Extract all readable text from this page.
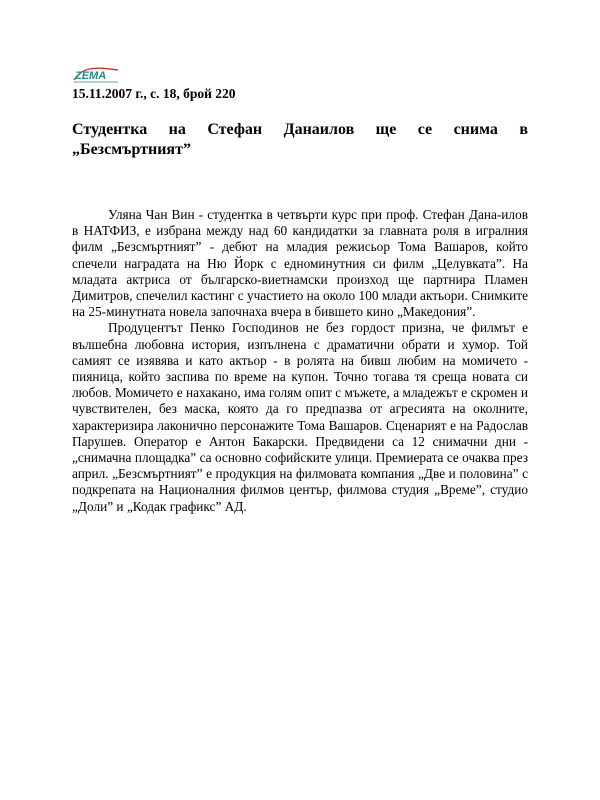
ZEMA
15.11.2007 г., с. 18, брой 220
Студентка на Стефан Данаилов ще се снима в
„Безсмъртният”

Уляна Чан Вин - студентка в четвърти курс при проф. Стефан Дана-илов в НАТФИЗ, е избрана между над 60 кандидатки за главната роля в игралния филм „Безсмъртният” - дебют на младия режисьор Тома Вашаров, който спечели наградата на Ню Йорк с едноминутния си филм „Целувката”. На младата актриса от българско-виетнамски произход ще партнира Пламен Димитров, спечелил кастинг с участието на около 100 млади актьори. Снимките на 25-минутната новела започнаха вчера в бившето кино „Македония”.

Продуцентът Пенко Господинов не без гордост призна, че филмът е вълшебна любовна история, изпълнена с драматични обрати и хумор. Той самият се изявява и като актьор - в ролята на бивш любим на момичето - пияница, който заспива по време на купон. Точно тогава тя среща новата си любов. Момичето е нахакано, има голям опит с мъжете, а младежът е скромен и чувствителен, без маска, която да го предпазва от агресията на околните, характеризира лаконично персонажите Тома Вашаров. Сценарият е на Радослав Парушев. Оператор е Антон Бакарски. Предвидени са 12 снимачни дни - „снимачна площадка” са основно софийските улици. Премиерата се очаква през април. „Безсмъртният” е продукция на филмовата компания „Две и половина” с подкрепата на Националния филмов център, филмова студия „Време”, студио „Доли” и „Кодак графикс” АД.
